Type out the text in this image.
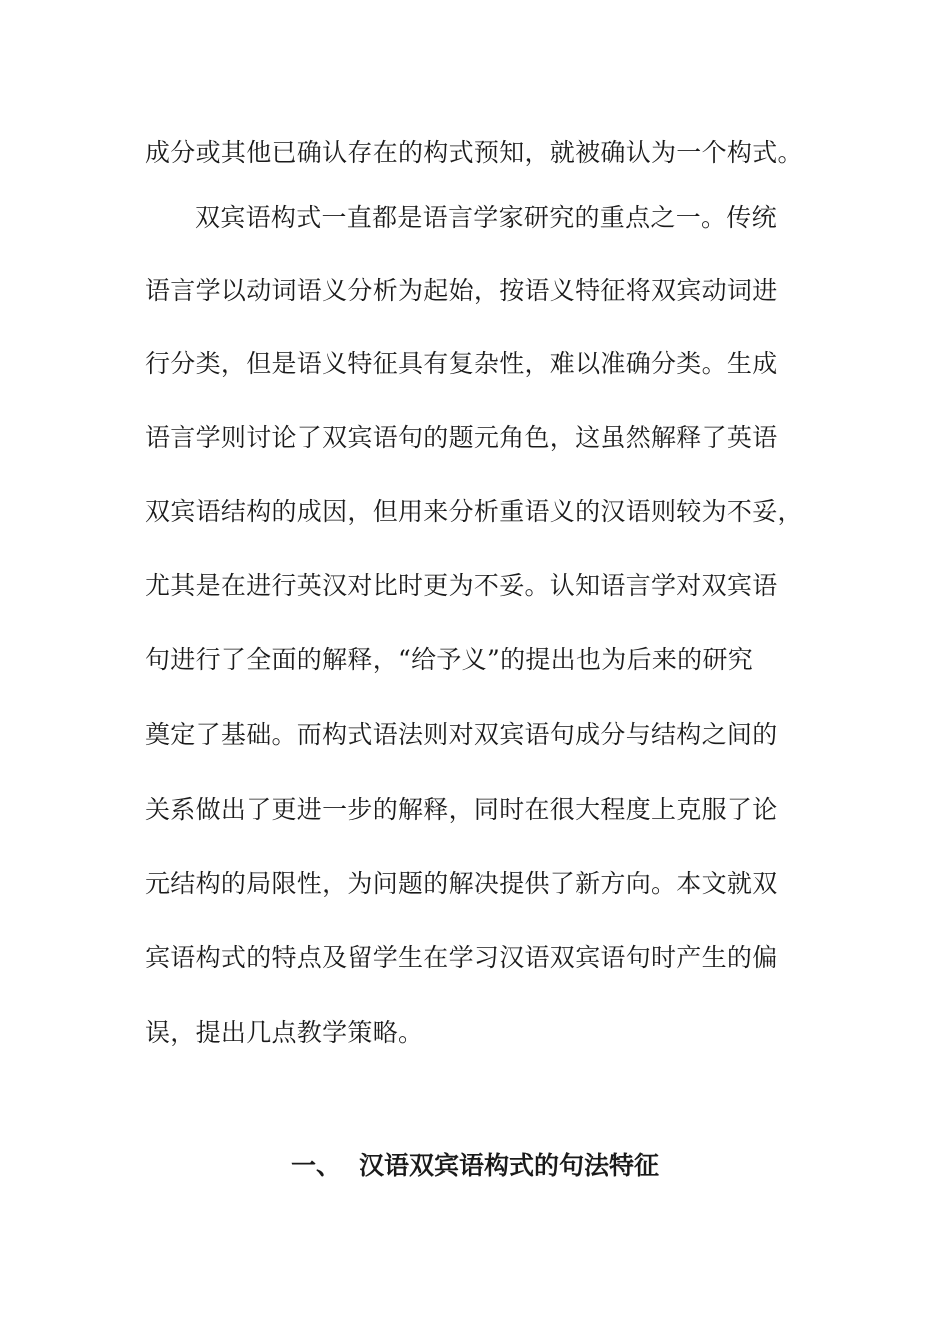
成分或其他已确认存在的构式预知，就被确认为一个构式。
双宾语构式一直都是语言学家研究的重点之一。传统
语言学以动词语义分析为起始，按语义特征将双宾动词进
行分类，但是语义特征具有复杂性，难以准确分类。生成
语言学则讨论了双宾语句的题元角色，这虽然解释了英语
双宾语结构的成因，但用来分析重语义的汉语则较为不妥，
尤其是在进行英汉对比时更为不妥。认知语言学对双宾语
句进行了全面的解释，“给予义”的提出也为后来的研究
奠定了基础。而构式语法则对双宾语句成分与结构之间的
关系做出了更进一步的解释，同时在很大程度上克服了论
元结构的局限性，为问题的解决提供了新方向。本文就双
宾语构式的特点及留学生在学习汉语双宾语句时产生的偏
误，提出几点教学策略。
一、 汉语双宾语构式的句法特征
